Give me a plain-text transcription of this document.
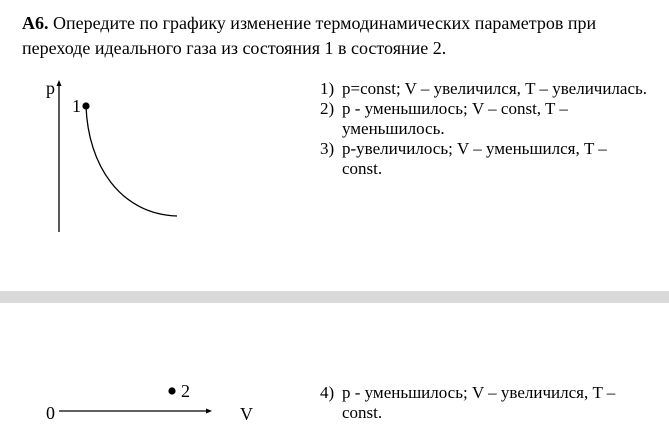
А6. Опередите по графику изменение термодинамических параметров при переходе идеального газа из состояния 1 в состояние 2.
p
1
2
0	V
1) p=const; V – увеличился, T – увеличилась.
2) p - уменьшилось; V – const, T – уменьшилось.
3) p-увеличилось; V – уменьшился, T – const.
4) p - уменьшилось; V – увеличился, T – const.
